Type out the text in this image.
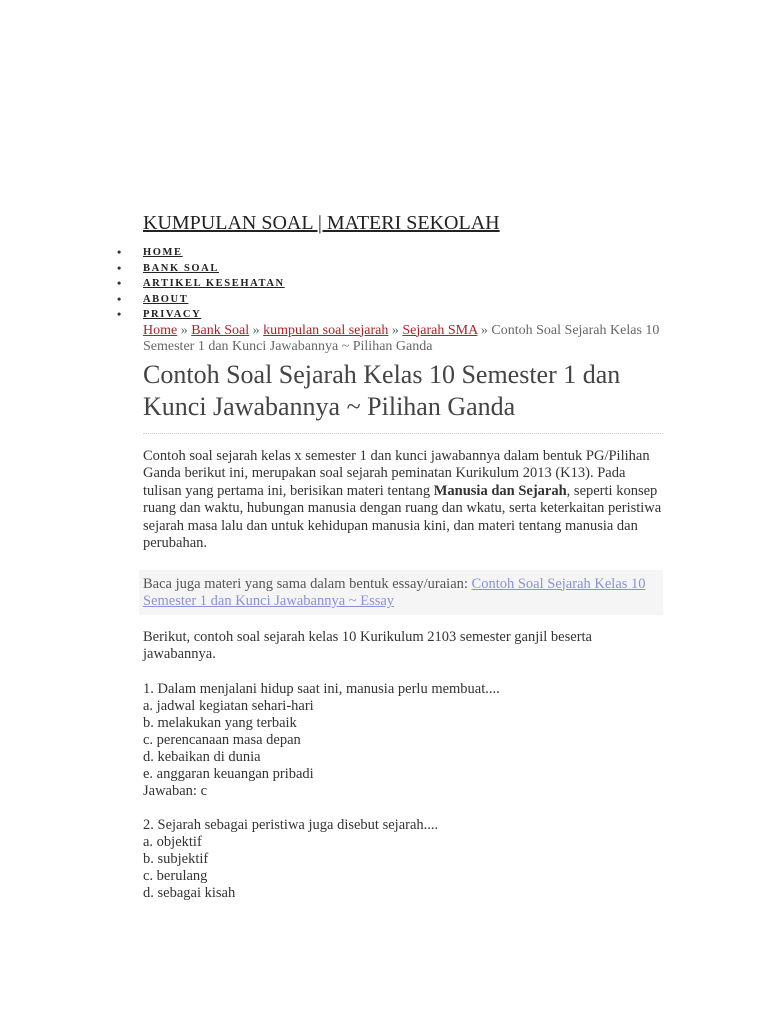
KUMPULAN SOAL | MATERI SEKOLAH
• HOME
• BANK SOAL
• ARTIKEL KESEHATAN
• ABOUT
• PRIVACY
Home » Bank Soal » kumpulan soal sejarah » Sejarah SMA » Contoh Soal Sejarah Kelas 10 Semester 1 dan Kunci Jawabannya ~ Pilihan Ganda
Contoh Soal Sejarah Kelas 10 Semester 1 dan Kunci Jawabannya ~ Pilihan Ganda

Contoh soal sejarah kelas x semester 1 dan kunci jawabannya dalam bentuk PG/Pilihan Ganda berikut ini, merupakan soal sejarah peminatan Kurikulum 2013 (K13). Pada tulisan yang pertama ini, berisikan materi tentang Manusia dan Sejarah, seperti konsep ruang dan waktu, hubungan manusia dengan ruang dan wkatu, serta keterkaitan peristiwa sejarah masa lalu dan untuk kehidupan manusia kini, dan materi tentang manusia dan perubahan.

Baca juga materi yang sama dalam bentuk essay/uraian: Contoh Soal Sejarah Kelas 10 Semester 1 dan Kunci Jawabannya ~ Essay

Berikut, contoh soal sejarah kelas 10 Kurikulum 2103 semester ganjil beserta jawabannya.

1. Dalam menjalani hidup saat ini, manusia perlu membuat....
a. jadwal kegiatan sehari-hari
b. melakukan yang terbaik
c. perencanaan masa depan
d. kebaikan di dunia
e. anggaran keuangan pribadi
Jawaban: c
2. Sejarah sebagai peristiwa juga disebut sejarah....
a. objektif
b. subjektif
c. berulang
d. sebagai kisah
